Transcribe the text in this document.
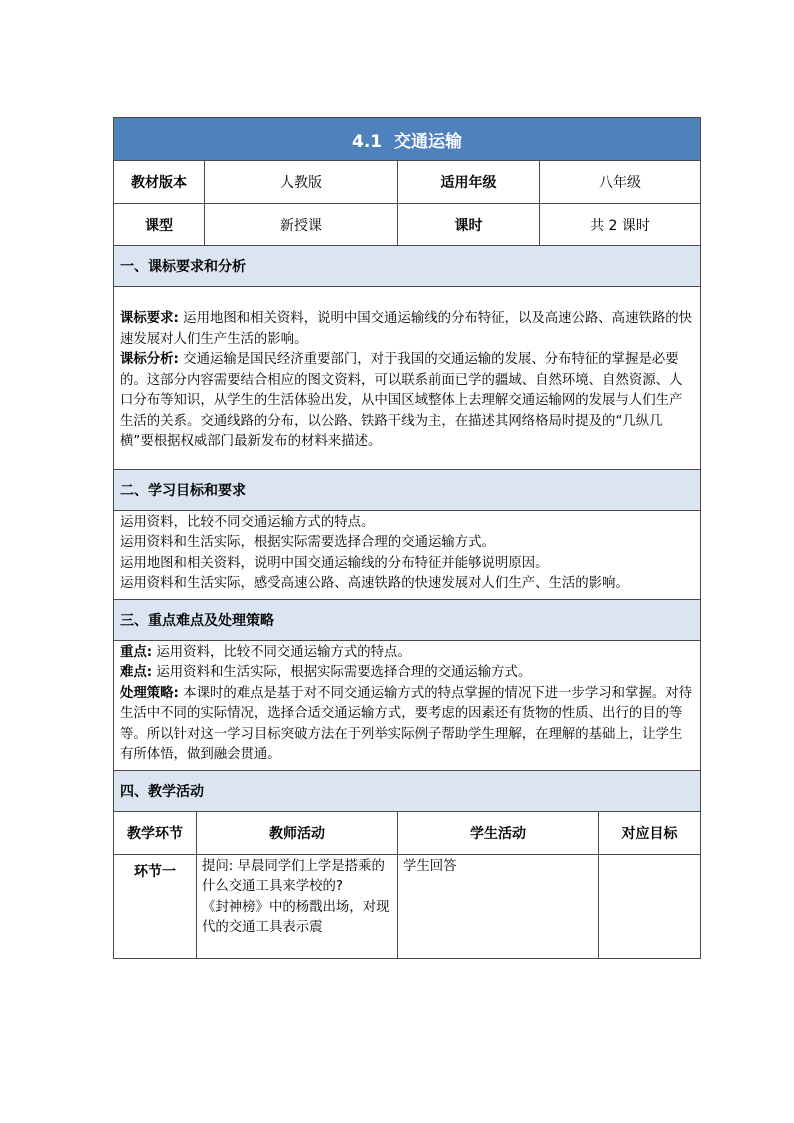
4.1 交通运输					
教材版本		人教版	适用年级	八年级	
课型		新授课	课时	共 2 课时	
一、课标要求和分析					

课标要求: 运用地图和相关资料，说明中国交通运输线的分布特征，以及高速公路、高速铁路的快速发展对人们生产生活的影响。

课标分析: 交通运输是国民经济重要部门，对于我国的交通运输的发展、分布特征的掌握是必要的。这部分内容需要结合相应的图文资料，可以联系前面已学的疆域、自然环境、自然资源、人口分布等知识，从学生的生活体验出发，从中国区域整体上去理解交通运输网的发展与人们生产生活的关系。交通线路的分布，以公路、铁路干线为主，在描述其网络格局时提及的“几纵几横”要根据权威部门最新发布的材料来描述。					

二、学习目标和要求					

运用资料，比较不同交通运输方式的特点。

运用资料和生活实际，根据实际需要选择合理的交通运输方式。

运用地图和相关资料，说明中国交通运输线的分布特征并能够说明原因。

运用资料和生活实际，感受高速公路、高速铁路的快速发展对人们生产、生活的影响。					

三、重点难点及处理策略					

重点: 运用资料，比较不同交通运输方式的特点。

难点: 运用资料和生活实际，根据实际需要选择合理的交通运输方式。

处理策略: 本课时的难点是基于对不同交通运输方式的特点掌握的情况下进一步学习和掌握。对待生活中不同的实际情况，选择合适交通运输方式，要考虑的因素还有货物的性质、出行的目的等等。所以针对这一学习目标突破方法在于列举实际例子帮助学生理解，在理解的基础上，让学生有所体悟，做到融会贯通。					

四、教学活动					
教学环节	教师活动		学生活动		对应目标
环节一	提问: 早晨同学们上学是搭乘的什么交通工具来学校的?
《封神榜》中的杨戬出场，对现代的交通工具表示震		学生回答		
